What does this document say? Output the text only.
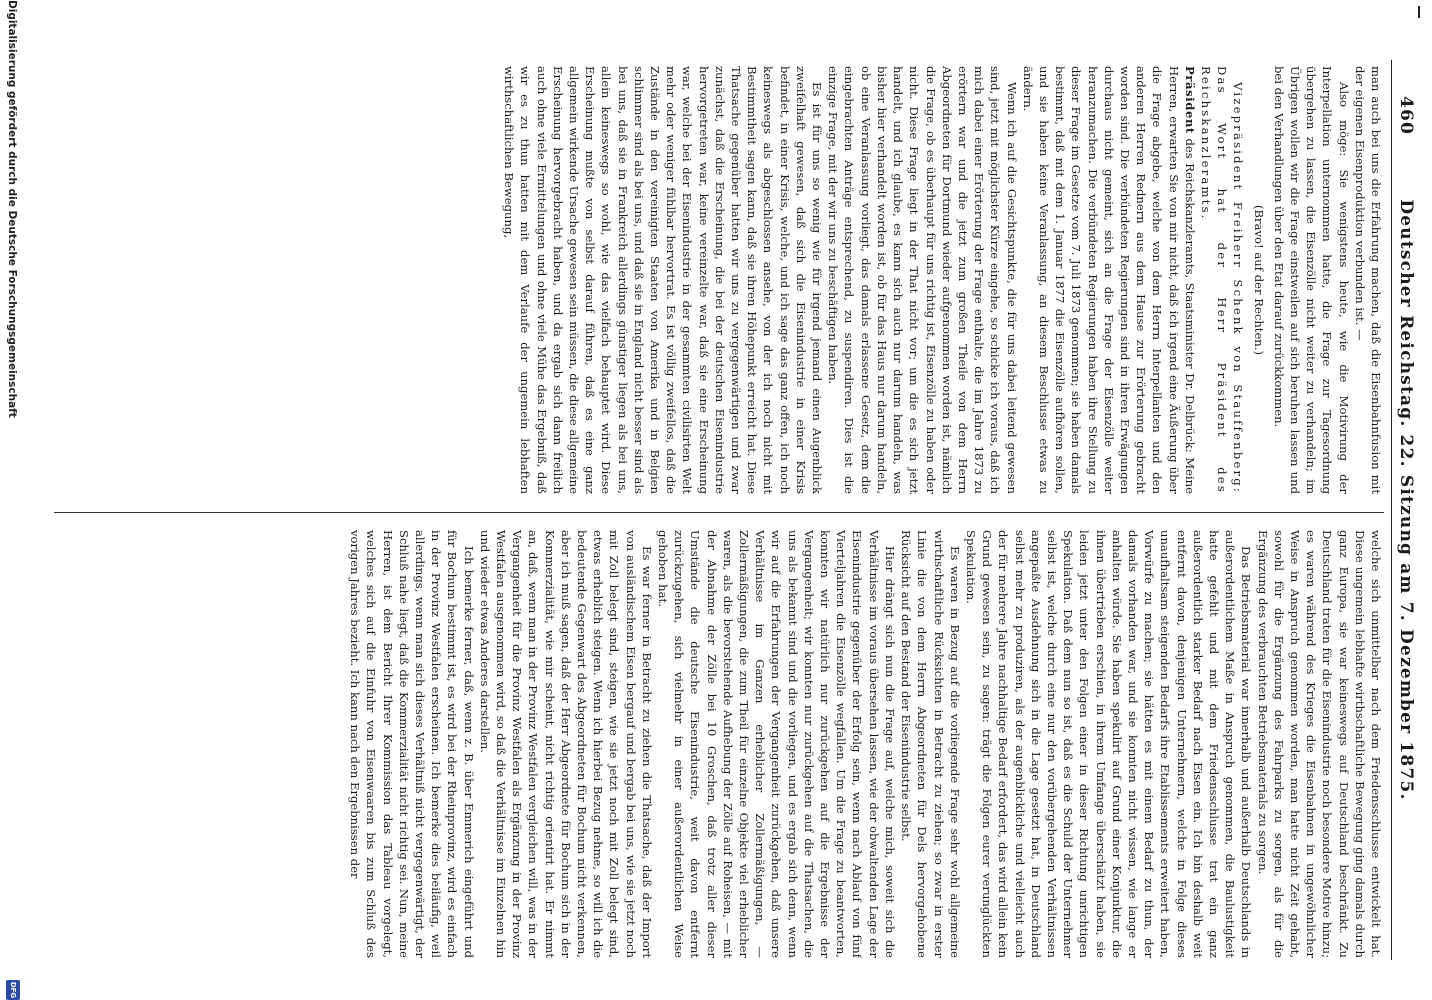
460
Deutscher Reichstag. 22. Sitzung am 7. Dezember 1875.

man auch bei uns die Erfahrung machen, daß die Eisenbahnfusion mit der eigenen Eisenproduktion verbunden ist. —

Also möge: Sie wenigstens heute, wie die Motivirung der Interpellation unternommen hatte, die Frage zur Tagesordnung übergehen zu lassen, die Eisenzölle nicht weiter zu verhandeln; im Übrigen wollen wir die Frage einstweilen auf sich beruhen lassen und bei den Verhandlungen über den Etat darauf zurückkommen.

(Bravo! auf der Rechten.)

Vizepräsident Freiherr Schenk von Stauffenberg: Das Wort hat der Herr Präsident des Reichskanzleramts.

Präsident des Reichskanzleramts, Staatsminister Dr. Delbrück: Meine Herren, erwarten Sie von mir nicht, daß ich irgend eine Äußerung über die Frage abgebe, welche von dem Herrn Interpellanten und den anderen Herren Rednern aus dem Hause zur Erörterung gebracht worden sind. Die verbündeten Regierungen sind in ihren Erwägungen durchaus nicht gemeint, sich an die Frage der Eisenzölle weiter heranzumachen. Die verbündeten Regierungen haben ihre Stellung zu dieser Frage im Gesetze vom 7. Juli 1873 genommen; sie haben damals bestimmt, daß mit dem 1. Januar 1877 die Eisenzölle aufhören sollen, und sie haben keine Veranlassung, an diesem Beschlusse etwas zu ändern.

Wenn ich auf die Gesichtspunkte, die für uns dabei leitend gewesen sind, jetzt mit möglichster Kürze eingehe, so schicke ich voraus, daß ich mich dabei einer Erörterung der Frage enthalte, die im Jahre 1873 zu erörtern war und die jetzt zum großen Theile von dem Herrn Abgeordneten für Dortmund wieder aufgenommen worden ist, nämlich die Frage, ob es überhaupt für uns richtig ist, Eisenzölle zu haben oder nicht. Diese Frage liegt in der That nicht vor; um die es sich jetzt handelt, und ich glaube, es kann sich auch nur darum handeln, was bisher hier verhandelt worden ist, ob für das Haus nur darum handeln, ob eine Veranlassung vorliegt, das damals erlassene Gesetz, dem die eingebrachten Anträge entsprechend, zu suspendiren. Dies ist die einzige Frage, mit der wir uns zu beschäftigen haben.

Es ist für uns so wenig wie für irgend jemand einen Augenblick zweifelhaft gewesen, daß sich die Eisenindustrie in einer Krisis befindet, in einer Krisis, welche, und ich sage das ganz offen, ich noch keineswegs als abgeschlossen ansehe, von der ich noch nicht mit Bestimmtheit sagen kann, daß sie ihren Höhepunkt erreicht hat. Diese Thatsache gegenüber hatten wir uns zu vergegenwärtigen und zwar zunächst, daß die Erscheinung, die bei der deutschen Eisenindustrie hervorgetreten war, keine vereinzelte war, daß sie eine Erscheinung war, welche bei der Eisenindustrie in der gesammten civilisirten Welt mehr oder weniger fühlbar hervortrat. Es ist völlig zweifellos, daß die Zustände in den vereinigten Staaten von Amerika und in Belgien schlimmer sind als bei uns, und daß sie in England nicht besser sind als bei uns, daß sie in Frankreich allerdings günstiger liegen als bei uns, allein keineswegs so wohl, wie das vielfach behauptet wird. Diese Erscheinung mußte von selbst darauf führen, daß es eine ganz allgemein wirkende Ursache gewesen sein müssen, die diese allgemeine Erscheinung hervorgebracht haben, und da ergab sich dann freilich auch ohne viele Ermittelungen und ohne viele Mühe das Ergebniß, daß wir es zu thun hatten mit dem Verlaufe der ungemein lebhaften wirthschaftlichen Bewegung,

welche sich unmittelbar nach dem Friedensschlusse entwickelt hat. Diese ungemein lebhafte wirthschaftliche Bewegung ging damals durch ganz Europa, sie war keineswegs auf Deutschland beschränkt. Zu Deutschland traten für die Eisenindustrie noch besondere Motive hinzu; es waren während des Krieges die Eisenbahnen in ungewöhnlicher Weise in Anspruch genommen worden, man hatte nicht Zeit gehabt, sowohl für die Ergänzung des Fahrparks zu sorgen, als für die Ergänzung des verbrauchten Betriebsmaterials zu sorgen.

Das Betriebsmaterial war innerhalb und außerhalb Deutschlands in außerordentlichem Maße in Anspruch genommen, die Baulustigkeit hatte gefehlt und mit dem Friedensschlusse trat ein ganz außerordentlich starker Bedarf nach Eisen ein. Ich bin deshalb weit entfernt davon, denjenigen Unternehmern, welche in Folge dieses unaufhaltsam steigenden Bedarfs ihre Etablissements erweitert haben, Vorwürfe zu machen; sie hätten es mit einem Bedarf zu thun, der damals vorhanden war, und sie konnten nicht wissen, wie lange er anhalten würde. Sie haben spekulirt auf Grund einer Konjunktur, die ihnen übertrieben erschien, in ihrem Umfange überschätzt haben, sie leiden jetzt unter den Folgen einer in dieser Richtung unrichtigen Spekulation. Daß dem nun so ist, daß es die Schuld der Unternehmer selbst ist, welche durch eine nur den vorübergehenden Verhältnissen angepaßte Ausdehnung sich in die Lage gesetzt hat, in Deutschland selbst mehr zu produziren, als der augenblickliche und vielleicht auch der für mehrere Jahre nachhaltige Bedarf erfordert, das wird allein kein Grund gewesen sein, zu sagen: trägt die Folgen eurer verunglückten Spekulation.

Es waren in Bezug auf die vorliegende Frage sehr wohl allgemeine wirthschaftliche Rücksichten in Betracht zu ziehen; so zwar in erster Linie die von dem Herrn Abgeordneten für Dels hervorgehobene Rücksicht auf den Bestand der Eisenindustrie selbst.

Hier drängt sich nun die Frage auf, welche mich, soweit sich die Verhältnisse im voraus übersehen lassen, wie der obwaltenden Lage der Eisenindustrie gegenüber der Erfolg sein, wenn nach Ablauf von fünf Vierteljahren die Eisenzölle wegfallen. Um die Frage zu beantworten, konnten wir natürlich nur zurückgehen auf die Ergebnisse der Vergangenheit; wir konnten nur zurückgehen auf die Thatsachen, die uns als bekannt sind und die vorliegen, und es ergab sich denn, wenn wir auf die Erfahrungen der Vergangenheit zurückgehen, daß unsere Verhältnisse im Ganzen erheblicher Zollermäßigungen, — Zollermäßigungen, die zum Theil für einzelne Objekte viel erheblicher waren, als die bevorstehende Aufhebung der Zölle auf Roheisen, — mit der Abnahme der Zölle bei 10 Groschen, daß trotz aller dieser Umstände die deutsche Eisenindustrie, weit davon entfernt zurückzugehen, sich vielmehr in einer außerordentlichen Weise gehoben hat.

Es war ferner in Betracht zu ziehen die Thatsache, daß der Import von ausländischem Eisen bergauf und bergab bei uns, wie sie jetzt noch mit Zoll belegt sind, steigen, wie sie jetzt noch mit Zoll belegt sind, etwas erheblich steigen. Wenn ich hierbei Bezug nehme, so will ich die bedeutende Gegenwart des Abgeordneten für Bochum nicht verkennen, aber ich muß sagen, daß der Herr Abgeordnete für Bochum sich in der Kommerzialität, wie mir scheint, nicht richtig orientirt hat. Er nimmt an, daß, wenn man in der Provinz Westfalen vergleichen will, was in der Vergangenheit für die Provinz Westfalen als Ergänzung in der Provinz Westfalen ausgenommen wird, so daß die Verhältnisse im Einzelnen hin und wieder etwas Anderes darstellen.

Ich bemerke ferner, daß, wenn z. B. über Emmerich eingeführt und für Bochum bestimmt ist, es wird bei der Rheinprovinz, wird es einfach in der Provinz Westfalen erscheinen. Ich bemerke dies beiläufig, weil allerdings, wenn man sich dieses Verhältniß nicht vergegenwärtigt, der Schluß nahe liegt, daß die Kommerzialität nicht richtig sei. Nun, meine Herren, ist dem Bericht Ihrer Kommission das Tableau vorgelegt, welches sich auf die Einfuhr von Eisenwaaren bis zum Schluß des vorigen Jahres bezieht. Ich kann nach den Ergebnissen der

Digitalisierung gefördert durch die Deutsche Forschungsgemeinschaft
DFG
